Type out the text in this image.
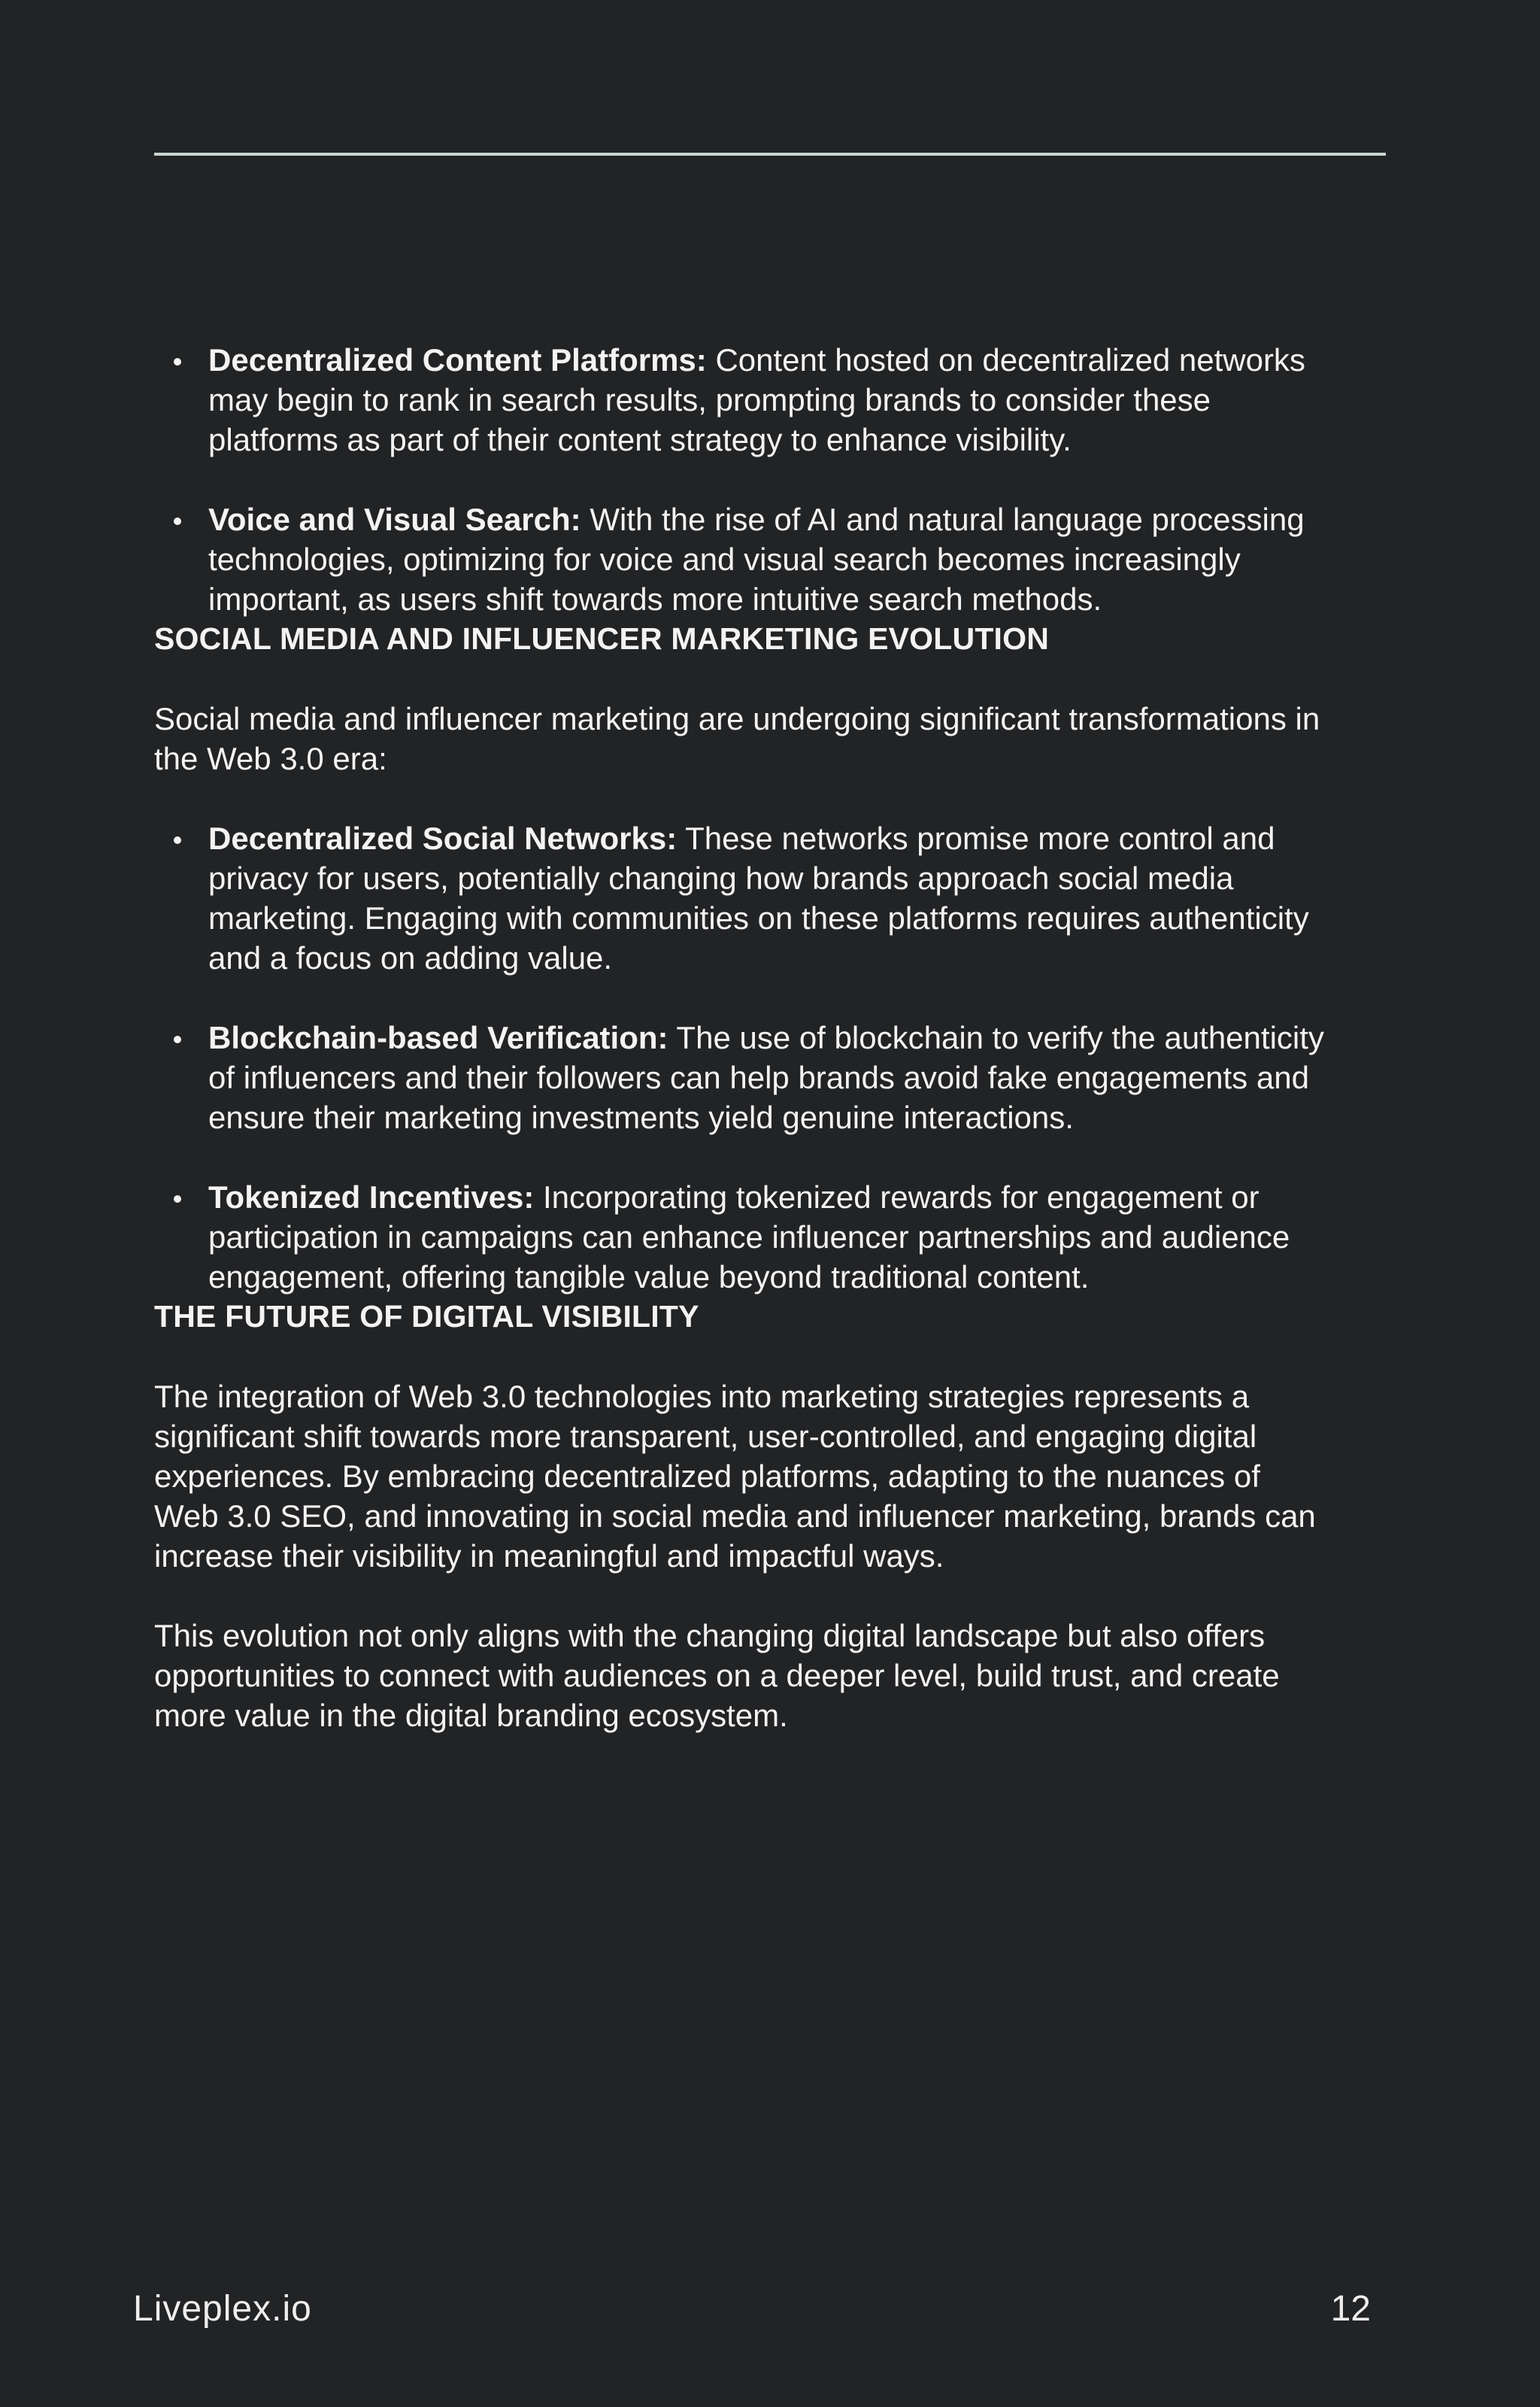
Decentralized Content Platforms: Content hosted on decentralized networks may begin to rank in search results, prompting brands to consider these platforms as part of their content strategy to enhance visibility.
Voice and Visual Search: With the rise of AI and natural language processing technologies, optimizing for voice and visual search becomes increasingly important, as users shift towards more intuitive search methods.
SOCIAL MEDIA AND INFLUENCER MARKETING EVOLUTION

Social media and influencer marketing are undergoing significant transformations in the Web 3.0 era:

Decentralized Social Networks: These networks promise more control and privacy for users, potentially changing how brands approach social media marketing. Engaging with communities on these platforms requires authenticity and a focus on adding value.
Blockchain-based Verification: The use of blockchain to verify the authenticity of influencers and their followers can help brands avoid fake engagements and ensure their marketing investments yield genuine interactions.
Tokenized Incentives: Incorporating tokenized rewards for engagement or participation in campaigns can enhance influencer partnerships and audience engagement, offering tangible value beyond traditional content.
THE FUTURE OF DIGITAL VISIBILITY

The integration of Web 3.0 technologies into marketing strategies represents a significant shift towards more transparent, user-controlled, and engaging digital experiences. By embracing decentralized platforms, adapting to the nuances of Web 3.0 SEO, and innovating in social media and influencer marketing, brands can increase their visibility in meaningful and impactful ways.

This evolution not only aligns with the changing digital landscape but also offers opportunities to connect with audiences on a deeper level, build trust, and create more value in the digital branding ecosystem.

Liveplex.io	12
